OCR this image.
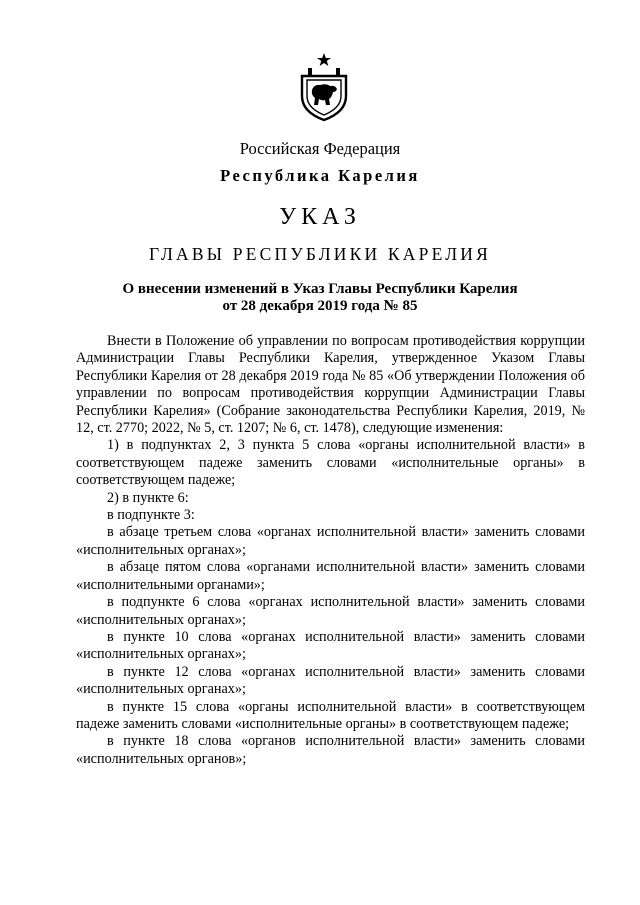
Российская Федерация
Республика Карелия
УКАЗ
ГЛАВЫ РЕСПУБЛИКИ КАРЕЛИЯ
О внесении изменений в Указ Главы Республики Карелия
от 28 декабря 2019 года № 85

Внести в Положение об управлении по вопросам противодействия коррупции Администрации Главы Республики Карелия, утвержденное Указом Главы Республики Карелия от 28 декабря 2019 года № 85 «Об утверждении Положения об управлении по вопросам противодействия коррупции Администрации Главы Республики Карелия» (Собрание законодательства Республики Карелия, 2019, № 12, ст. 2770; 2022, № 5, ст. 1207; № 6, ст. 1478), следующие изменения:

1) в подпунктах 2, 3 пункта 5 слова «органы исполнительной власти» в соответствующем падеже заменить словами «исполнительные органы» в соответствующем падеже;

2) в пункте 6:

в подпункте 3:

в абзаце третьем слова «органах исполнительной власти» заменить словами «исполнительных органах»;

в абзаце пятом слова «органами исполнительной власти» заменить словами «исполнительными органами»;

в подпункте 6 слова «органах исполнительной власти» заменить словами «исполнительных органах»;

в пункте 10 слова «органах исполнительной власти» заменить словами «исполнительных органах»;

в пункте 12 слова «органах исполнительной власти» заменить словами «исполнительных органах»;

в пункте 15 слова «органы исполнительной власти» в соответствующем падеже заменить словами «исполнительные органы» в соответствующем падеже;

в пункте 18 слова «органов исполнительной власти» заменить словами «исполнительных органов»;
